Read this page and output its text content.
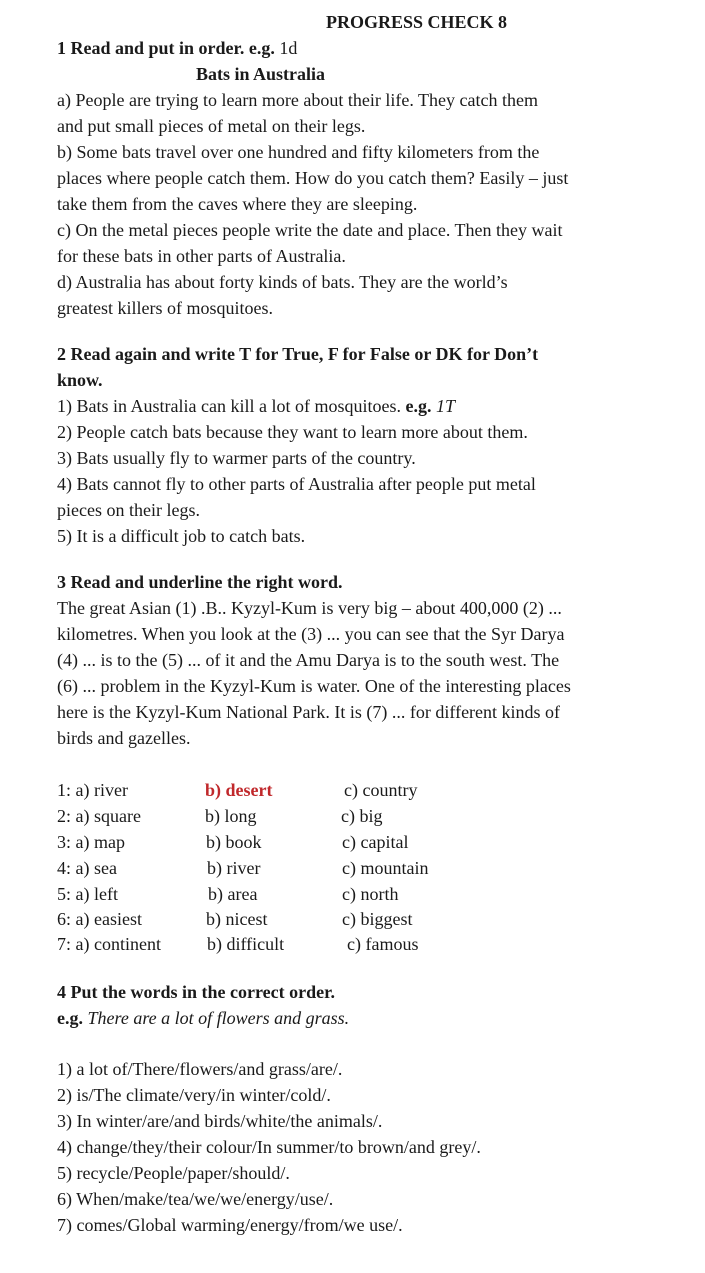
PROGRESS CHECK 8
1 Read and put in order. e.g. 1d
Bats in Australia
a) People are trying to learn more about their life. They catch them
and put small pieces of metal on their legs.
b) Some bats travel over one hundred and fifty kilometers from the
places where people catch them. How do you catch them? Easily – just
take them from the caves where they are sleeping.
c) On the metal pieces people write the date and place. Then they wait
for these bats in other parts of Australia.
d) Australia has about forty kinds of bats. They are the world’s
greatest killers of mosquitoes.
2 Read again and write T for True, F for False or DK for Don’t
know.
1) Bats in Australia can kill a lot of mosquitoes. e.g. 1T
2) People catch bats because they want to learn more about them.
3) Bats usually fly to warmer parts of the country.
4) Bats cannot fly to other parts of Australia after people put metal
pieces on their legs.
5) It is a difficult job to catch bats.
3 Read and underline the right word.
The great Asian (1) .B.. Kyzyl-Kum is very big – about 400,000 (2) ...
kilometres. When you look at the (3) ... you can see that the Syr Darya
(4) ... is to the (5) ... of it and the Amu Darya is to the south west. The
(6) ... problem in the Kyzyl-Kum is water. One of the interesting places
here is the Kyzyl-Kum National Park. It is (7) ... for different kinds of
birds and gazelles.
1: a) river	b) desert	c) country
2: a) square	b) long	c) big
3: a) map	b) book	c) capital
4: a) sea	b) river	c) mountain
5: a) left	b) area	c) north
6: a) easiest	b) nicest	c) biggest
7: a) continent	b) difficult	c) famous
4 Put the words in the correct order.
e.g. There are a lot of flowers and grass.
1) a lot of/There/flowers/and grass/are/.
2) is/The climate/very/in winter/cold/.
3) In winter/are/and birds/white/the animals/.
4) change/they/their colour/In summer/to brown/and grey/.
5) recycle/People/paper/should/.
6) When/make/tea/we/we/energy/use/.
7) comes/Global warming/energy/from/we use/.
